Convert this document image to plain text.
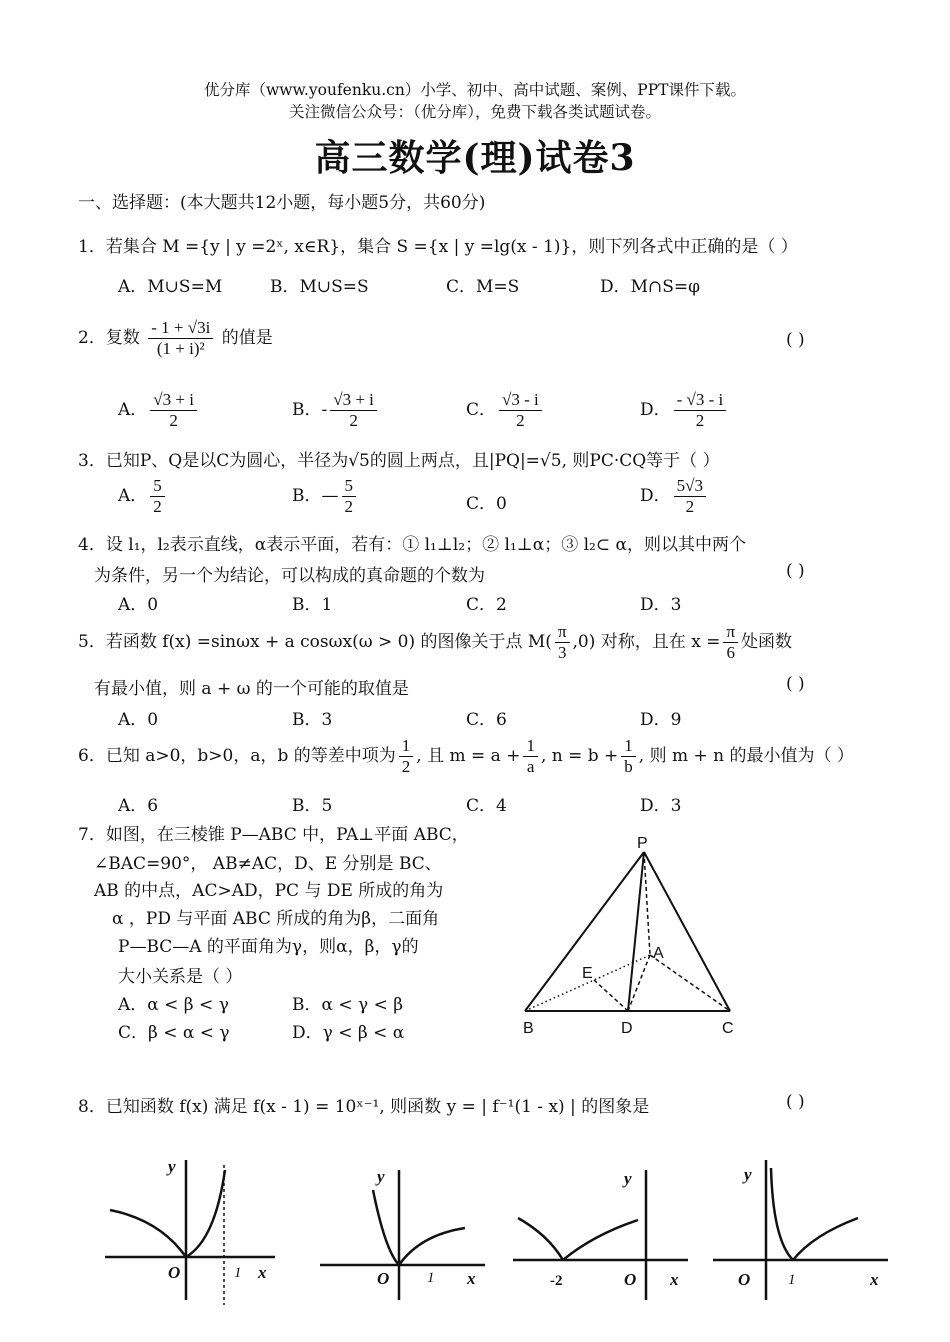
优分库（www.youfenku.cn）小学、初中、高中试题、案例、PPT课件下载。
关注微信公众号：（优分库），免费下载各类试题试卷。
高三数学(理)试卷3
一、选择题：(本大题共12小题，每小题5分，共60分)
1．若集合 M ={y | y =2ˣ, x∈R}，集合 S ={x | y =lg(x - 1)}，则下列各式中正确的是（ ）
A．M∪S=M	B．M∪S=S	C．M=S	D．M∩S=φ
2．复数 $\frac{- 1 + √3i}{\text{(1 + i)²}}$ 的值是	( )
A． $\frac{√3 + i}{2}$	B．- $\frac{√3 + i}{2}$	C． $\frac{√3 - i}{2}$	D． $\frac{- √3 - i}{2}$
3．已知P、Q是以C为圆心，半径为√5的圆上两点，且|PQ|=√5, 则PC·CQ等于（ ）
A． $\frac{5}{2}$	B．— $\frac{5}{2}$	C．0	D． $\frac{5√3}{2}$
4．设 l₁，l₂表示直线，α表示平面，若有：① l₁⊥l₂；② l₁⊥α；③ l₂⊂ α，则以其中两个
为条件，另一个为结论，可以构成的真命题的个数为	( )
A．0	B．1	C．2	D．3
5．若函数 f(x) =sinωx + a cosωx(ω > 0) 的图像关于点 $M( \frac{\pi}{3} ,0)$ 对称，且在 $x = \frac{\pi}{6}$ 处函数
有最小值，则 a + ω 的一个可能的取值是	( )
A．0	B．3	C．6	D．9
6．已知 a>0，b>0，a，b 的等差中项为 $\frac{1}{2}$ , 且 $m = a + \frac{1}{a}$ , $n = b + \frac{1}{b}$ , 则 m + n 的最小值为（ ）
A．6	B．5	C．4	D．3
7．如图，在三棱锥 P—ABC 中，PA⊥平面 ABC，
∠BAC=90°， AB≠AC，D、E 分别是 BC、
AB 的中点，AC>AD，PC 与 DE 所成的角为
α ，PD 与平面 ABC 所成的角为β，二面角
P—BC—A 的平面角为γ，则α，β，γ的
大小关系是（ ）
A．α < β < γ	B．α < γ < β
C．β < α < γ	D．γ < β < α
P
A
B	C
D
E
8．已知函数 f(x) 满足 f(x - 1) = 10ˣ⁻¹, 则函数 y = | f⁻¹(1 - x) | 的图象是	( )
y
x
O	1
y
x
O	1
y
x
O
-2
y
x
O	1
